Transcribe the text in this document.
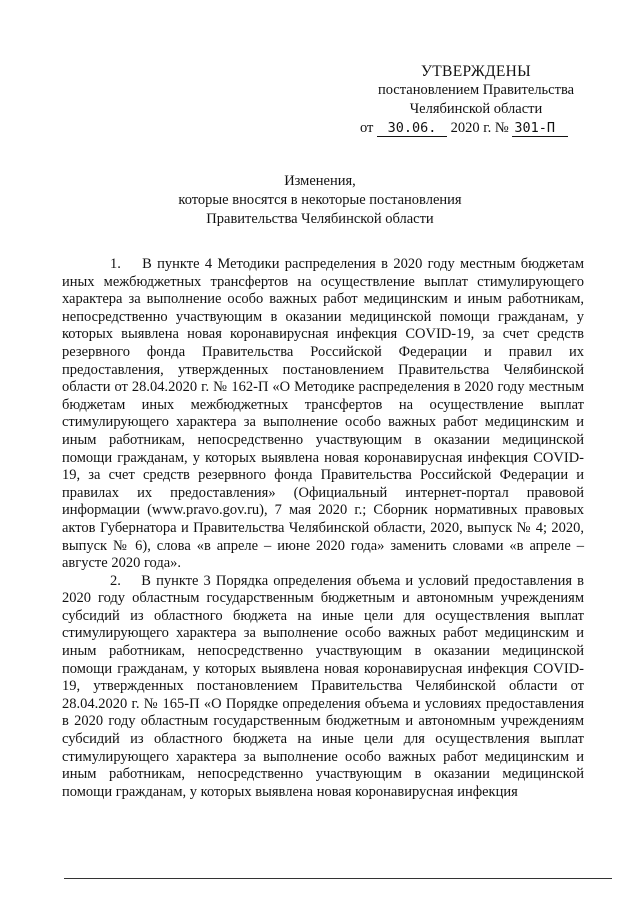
УТВЕРЖДЕНЫ
постановлением Правительства
Челябинской области
от 30.06. 2020 г. № 301-П
Изменения,
которые вносятся в некоторые постановления
Правительства Челябинской области

1.    В пункте 4 Методики распределения в 2020 году местным бюджетам иных межбюджетных трансфертов на осуществление выплат стимулирующего характера за выполнение особо важных работ медицинским и иным работникам, непосредственно участвующим в оказании медицинской помощи гражданам, у которых выявлена новая коронавирусная инфекция COVID-19, за счет средств резервного фонда Правительства Российской Федерации и правил их предоставления, утвержденных постановлением Правительства Челябинской области от 28.04.2020 г. № 162-П «О Методике распределения в 2020 году местным бюджетам иных межбюджетных трансфертов на осуществление выплат стимулирующего характера за выполнение особо важных работ медицинским и иным работникам, непосредственно участвующим в оказании медицинской помощи гражданам, у которых выявлена новая коронавирусная инфекция COVID-19, за счет средств резервного фонда Правительства Российской Федерации и правилах их предоставления» (Официальный интернет-портал правовой информации (www.pravo.gov.ru), 7 мая 2020 г.; Сборник нормативных правовых актов Губернатора и Правительства Челябинской области, 2020, выпуск № 4; 2020, выпуск № 6), слова «в апреле – июне 2020 года» заменить словами «в апреле – августе 2020 года».

2.    В пункте 3 Порядка определения объема и условий предоставления в 2020 году областным государственным бюджетным и автономным учреждениям субсидий из областного бюджета на иные цели для осуществления выплат стимулирующего характера за выполнение особо важных работ медицинским и иным работникам, непосредственно участвующим в оказании медицинской помощи гражданам, у которых выявлена новая коронавирусная инфекция COVID-19, утвержденных постановлением Правительства Челябинской области от 28.04.2020 г. № 165-П «О Порядке определения объема и условиях предоставления в 2020 году областным государственным бюджетным и автономным учреждениям субсидий из областного бюджета на иные цели для осуществления выплат стимулирующего характера за выполнение особо важных работ медицинским и иным работникам, непосредственно участвующим в оказании медицинской помощи гражданам, у которых выявлена новая коронавирусная инфекция
